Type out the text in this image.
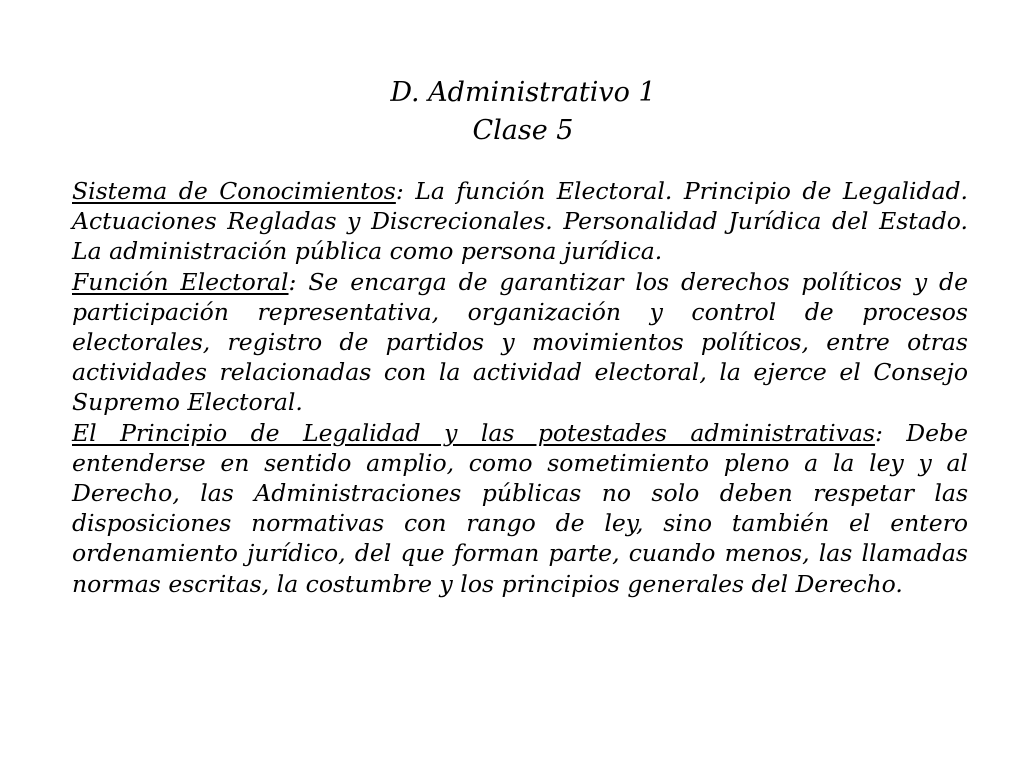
D. Administrativo 1
Clase 5

Sistema de Conocimientos: La función Electoral. Principio de Legalidad. Actuaciones Regladas y Discrecionales. Personalidad Jurídica del Estado. La administración pública como persona jurídica.

Función Electoral: Se encarga de garantizar los derechos políticos y de participación representativa, organización y control de procesos electorales, registro de partidos y movimientos políticos, entre otras actividades relacionadas con la actividad electoral, la ejerce el Consejo Supremo Electoral.

El Principio de Legalidad y las potestades administrativas: Debe entenderse en sentido amplio, como sometimiento pleno a la ley y al Derecho, las Administraciones públicas no solo deben respetar las disposiciones normativas con rango de ley, sino también el entero ordenamiento jurídico, del que forman parte, cuando menos, las llamadas normas escritas, la costumbre y los principios generales del Derecho.
